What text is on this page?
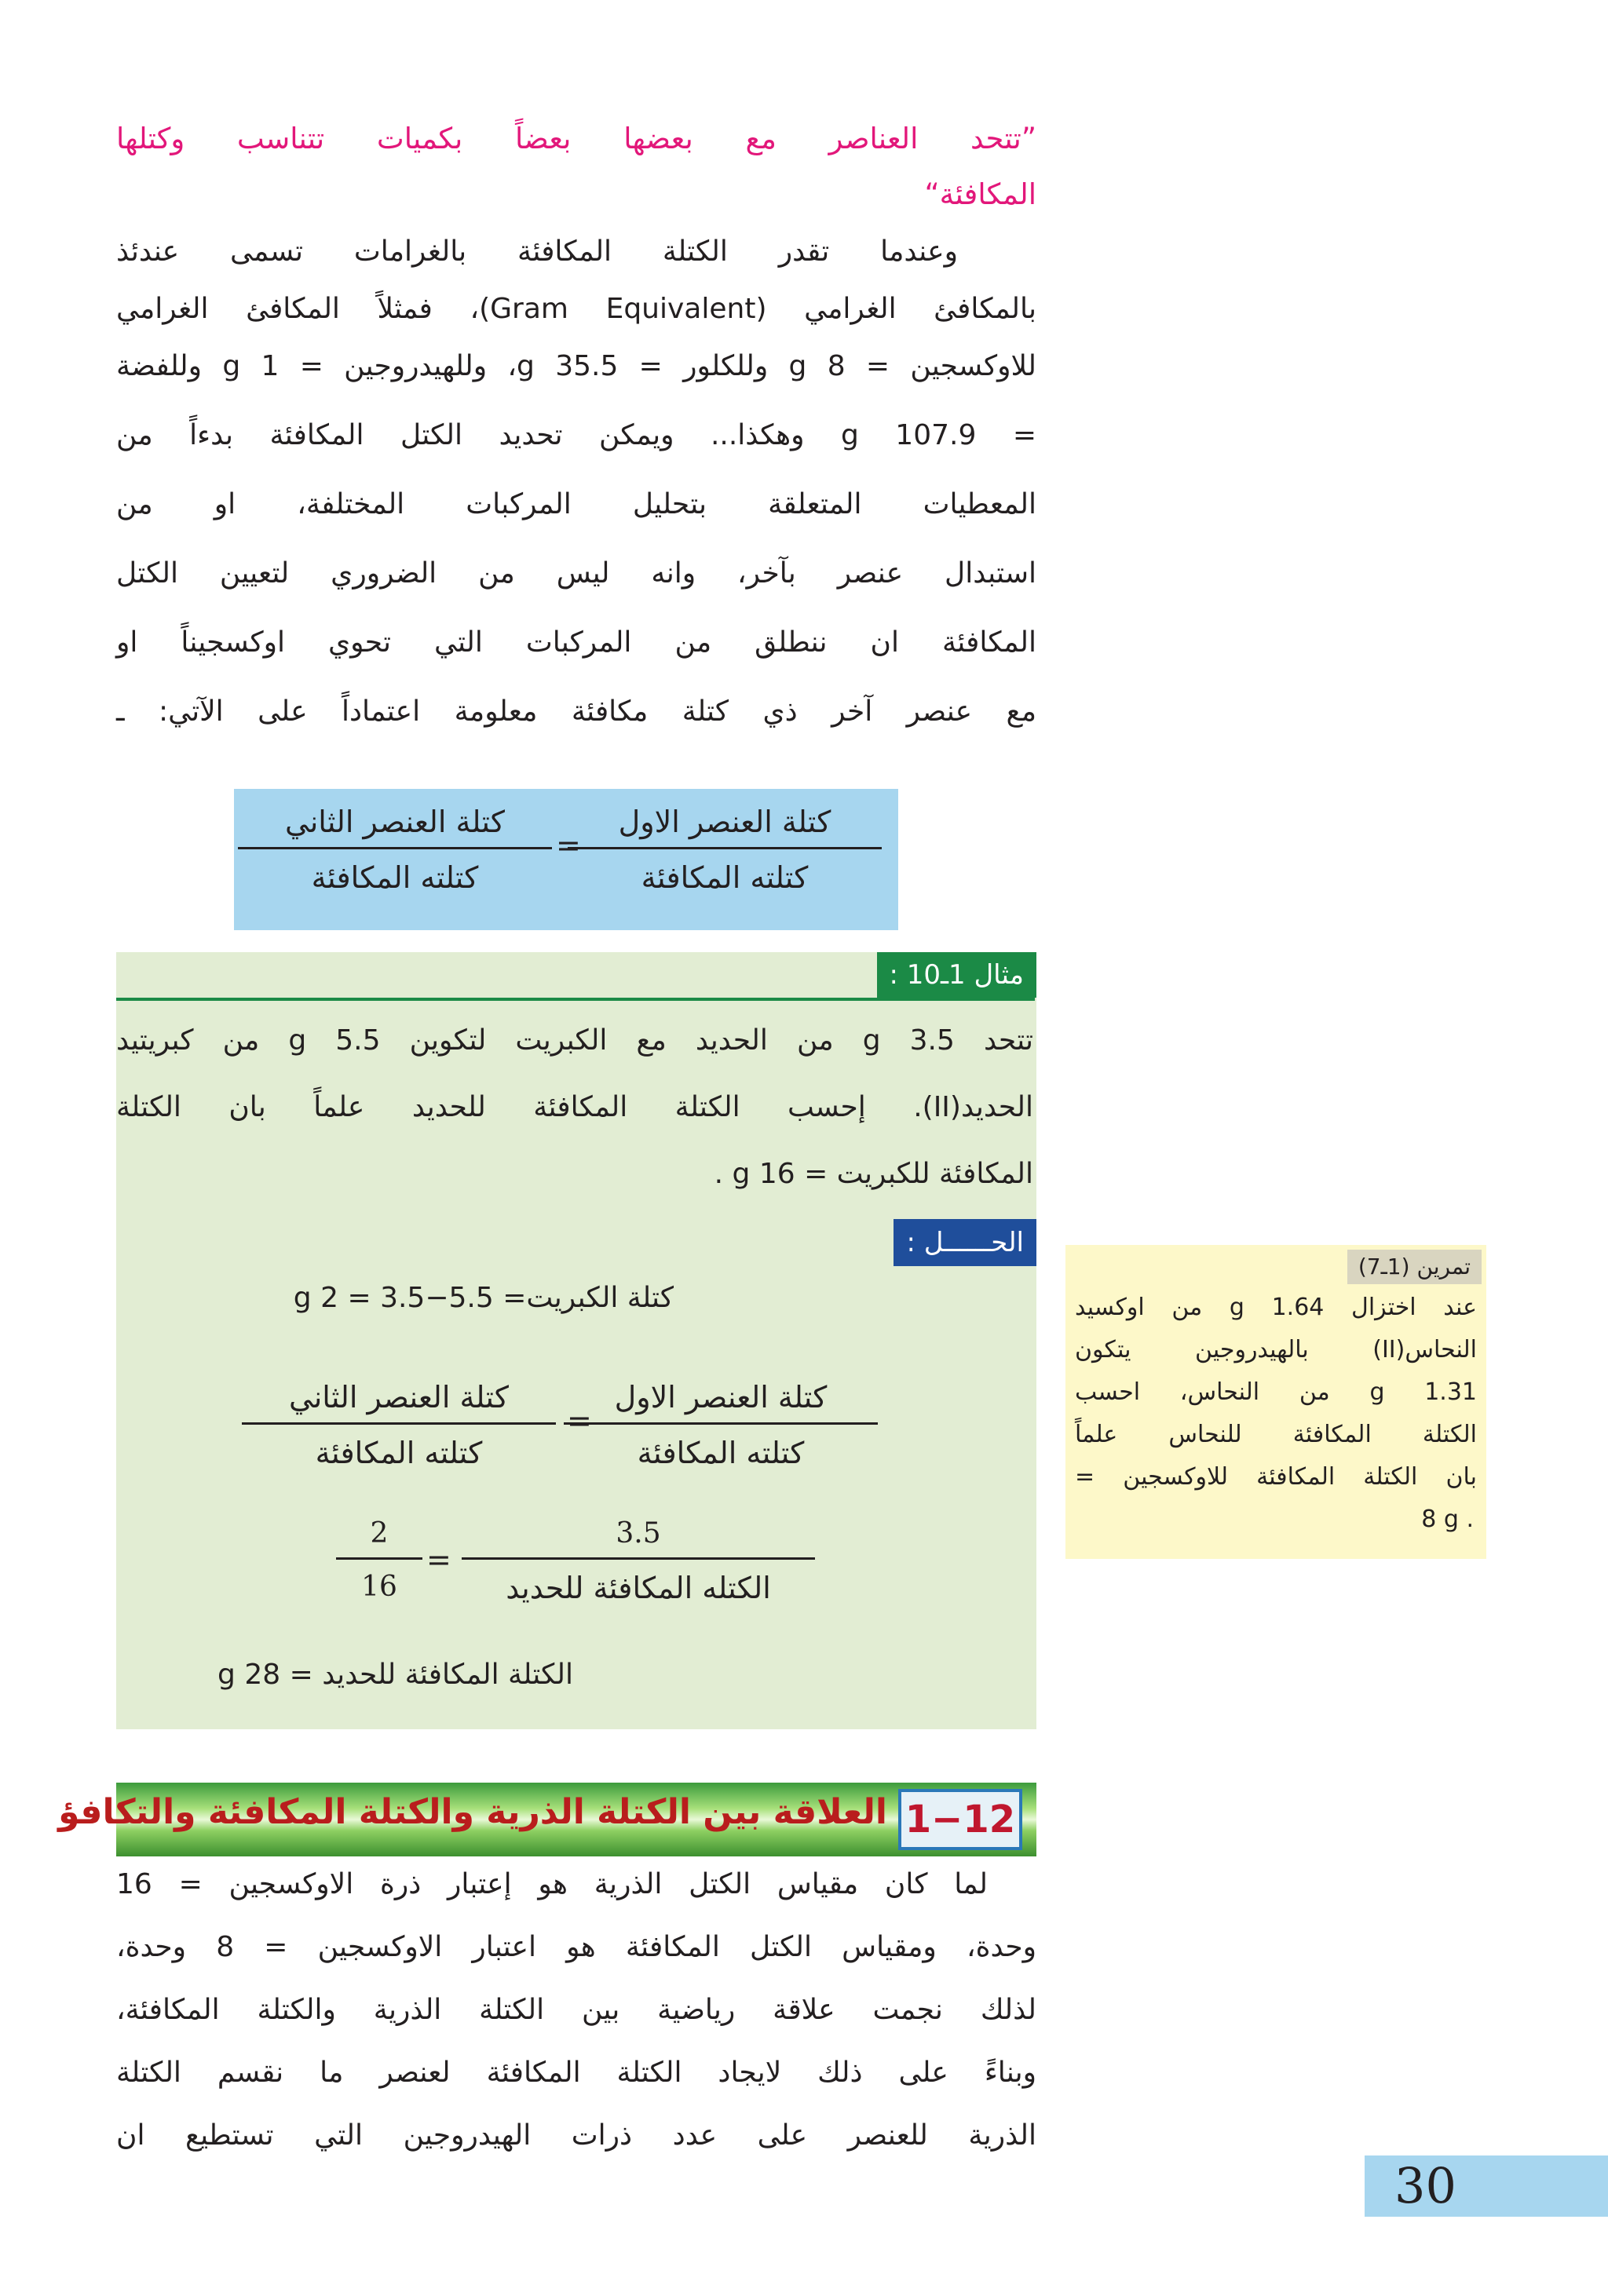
”تتحد العناصر مع بعضها بعضاً بكميات تتناسب وكتلها
المكافئة“
وعندما تقدر الكتلة المكافئة بالغرامات تسمى عندئذ
بالمكافئ الغرامي (Gram Equivalent)، فمثلاً المكافئ الغرامي
للاوكسجين = 8 g وللكلور = 35.5 g، وللهيدروجين = 1 g وللفضة
= 107.9 g وهكذا... ويمكن تحديد الكتل المكافئة بدءاً من
المعطيات المتعلقة بتحليل المركبات المختلفة، او من
استبدال عنصر بآخر، وانه ليس من الضروري لتعيين الكتل
المكافئة ان ننطلق من المركبات التي تحوي اوكسجيناً او
مع عنصر آخر ذي كتلة مكافئة معلومة اعتماداً على الآتي: ـ
كتلة العنصر الاول
كتلته المكافئة
=
كتلة العنصر الثاني
كتلته المكافئة
مثال 1ـ10 :
تتحد 3.5 g من الحديد مع الكبريت لتكوين 5.5 g من كبريتيد
الحديد(II). إحسب الكتلة المكافئة للحديد علماً بان الكتلة
المكافئة للكبريت = 16 g .
الحــــــل :
كتلة الكبريت= 5.5−3.5 = 2 g
كتلة العنصر الاول
كتلته المكافئة
=
كتلة العنصر الثاني
كتلته المكافئة
3.5
الكتله المكافئة للحديد
=
$\frac{2}{16}$
الكتلة المكافئة للحديد = 28 g
تمرين (1ـ7)
عند اختزال 1.64 g من اوكسيد
النحاس(II) بالهيدروجين يتكون
1.31 g من النحاس، احسب
الكتلة المكافئة للنحاس علماً
بان الكتلة المكافئة للاوكسجين =
8 g .
1−12
العلاقة بين الكتلة الذرية والكتلة المكافئة والتكافؤ
لما كان مقياس الكتل الذرية هو إعتبار ذرة الاوكسجين = 16
وحدة، ومقياس الكتل المكافئة هو اعتبار الاوكسجين = 8 وحدة،
لذلك نجمت علاقة رياضية بين الكتلة الذرية والكتلة المكافئة،
وبناءً على ذلك لايجاد الكتلة المكافئة لعنصر ما نقسم الكتلة
الذرية للعنصر على عدد ذرات الهيدروجين التي تستطيع ان
30
